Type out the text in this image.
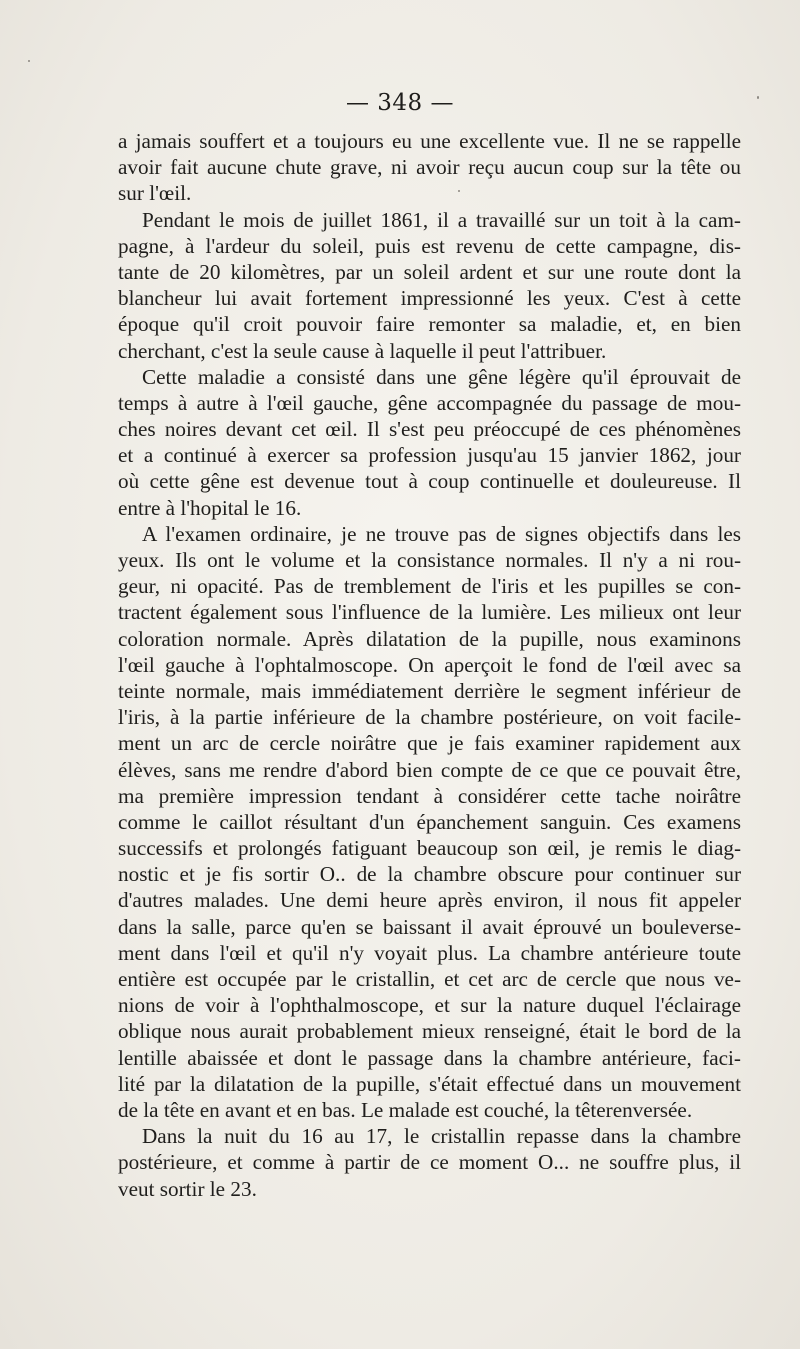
— 348 —
a jamais souffert et a toujours eu une excellente vue. Il ne se rappelle
avoir fait aucune chute grave, ni avoir reçu aucun coup sur la tête ou
sur l'œil.
Pendant le mois de juillet 1861, il a travaillé sur un toit à la cam-
pagne, à l'ardeur du soleil, puis est revenu de cette campagne, dis-
tante de 20 kilomètres, par un soleil ardent et sur une route dont la
blancheur lui avait fortement impressionné les yeux. C'est à cette
époque qu'il croit pouvoir faire remonter sa maladie, et, en bien
cherchant, c'est la seule cause à laquelle il peut l'attribuer.
Cette maladie a consisté dans une gêne légère qu'il éprouvait de
temps à autre à l'œil gauche, gêne accompagnée du passage de mou-
ches noires devant cet œil. Il s'est peu préoccupé de ces phénomènes
et a continué à exercer sa profession jusqu'au 15 janvier 1862, jour
où cette gêne est devenue tout à coup continuelle et douleureuse. Il
entre à l'hopital le 16.
A l'examen ordinaire, je ne trouve pas de signes objectifs dans les
yeux. Ils ont le volume et la consistance normales. Il n'y a ni rou-
geur, ni opacité. Pas de tremblement de l'iris et les pupilles se con-
tractent également sous l'influence de la lumière. Les milieux ont leur
coloration normale. Après dilatation de la pupille, nous examinons
l'œil gauche à l'ophtalmoscope. On aperçoit le fond de l'œil avec sa
teinte normale, mais immédiatement derrière le segment inférieur de
l'iris, à la partie inférieure de la chambre postérieure, on voit facile-
ment un arc de cercle noirâtre que je fais examiner rapidement aux
élèves, sans me rendre d'abord bien compte de ce que ce pouvait être,
ma première impression tendant à considérer cette tache noirâtre
comme le caillot résultant d'un épanchement sanguin. Ces examens
successifs et prolongés fatiguant beaucoup son œil, je remis le diag-
nostic et je fis sortir O.. de la chambre obscure pour continuer sur
d'autres malades. Une demi heure après environ, il nous fit appeler
dans la salle, parce qu'en se baissant il avait éprouvé un bouleverse-
ment dans l'œil et qu'il n'y voyait plus. La chambre antérieure toute
entière est occupée par le cristallin, et cet arc de cercle que nous ve-
nions de voir à l'ophthalmoscope, et sur la nature duquel l'éclairage
oblique nous aurait probablement mieux renseigné, était le bord de la
lentille abaissée et dont le passage dans la chambre antérieure, faci-
lité par la dilatation de la pupille, s'était effectué dans un mouvement
de la tête en avant et en bas. Le malade est couché, la têterenversée.
Dans la nuit du 16 au 17, le cristallin repasse dans la chambre
postérieure, et comme à partir de ce moment O... ne souffre plus, il
veut sortir le 23.
